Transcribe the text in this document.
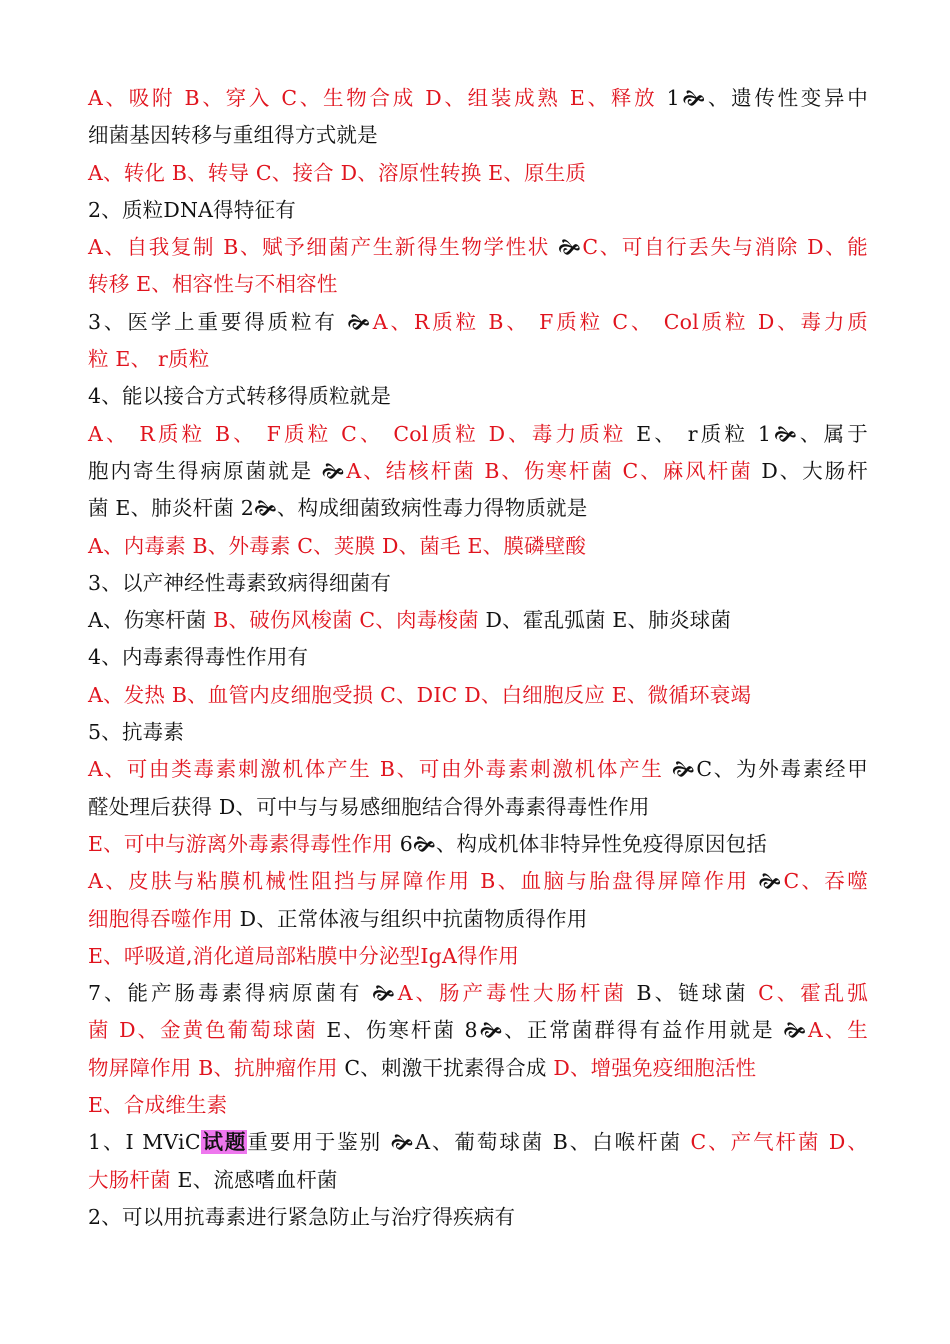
A、吸附 B、穿入 C、生物合成 D、组装成熟 E、释放 1🙞、遗传性变异中
细菌基因转移与重组得方式就是
A、转化 B、转导 C、接合 D、溶原性转换 E、原生质
2、质粒DNA得特征有
A、自我复制 B、赋予细菌产生新得生物学性状 🙞C、可自行丢失与消除 D、能
转移 E、相容性与不相容性
3、医学上重要得质粒有 🙞A、R质粒 B、 F质粒 C、 Col质粒 D、毒力质
粒 E、 r质粒
4、能以接合方式转移得质粒就是
A、 R质粒 B、 F质粒 C、 Col质粒 D、毒力质粒 E、 r质粒 1🙞、属于
胞内寄生得病原菌就是 🙞A、结核杆菌 B、伤寒杆菌 C、麻风杆菌 D、大肠杆
菌 E、肺炎杆菌 2🙞、构成细菌致病性毒力得物质就是
A、内毒素 B、外毒素 C、荚膜 D、菌毛 E、膜磷壁酸
3、以产神经性毒素致病得细菌有
A、伤寒杆菌 B、破伤风梭菌 C、肉毒梭菌 D、霍乱弧菌 E、肺炎球菌
4、内毒素得毒性作用有
A、发热 B、血管内皮细胞受损 C、DIC D、白细胞反应 E、微循环衰竭
5、抗毒素
A、可由类毒素刺激机体产生 B、可由外毒素刺激机体产生 🙞C、为外毒素经甲
醛处理后获得 D、可中与与易感细胞结合得外毒素得毒性作用
E、可中与游离外毒素得毒性作用 6🙞、构成机体非特异性免疫得原因包括
A、皮肤与粘膜机械性阻挡与屏障作用 B、血脑与胎盘得屏障作用 🙞C、吞噬
细胞得吞噬作用 D、正常体液与组织中抗菌物质得作用
E、呼吸道,消化道局部粘膜中分泌型IgA得作用
7、能产肠毒素得病原菌有 🙞A、肠产毒性大肠杆菌 B、链球菌 C、霍乱弧
菌 D、金黄色葡萄球菌 E、伤寒杆菌 8🙞、正常菌群得有益作用就是 🙞A、生
物屏障作用 B、抗肿瘤作用 C、刺激干扰素得合成 D、增强免疫细胞活性
E、合成维生素
1、I MViC试题重要用于鉴别 🙞A、葡萄球菌 B、白喉杆菌 C、产气杆菌 D、
大肠杆菌 E、流感嗜血杆菌
2、可以用抗毒素进行紧急防止与治疗得疾病有
